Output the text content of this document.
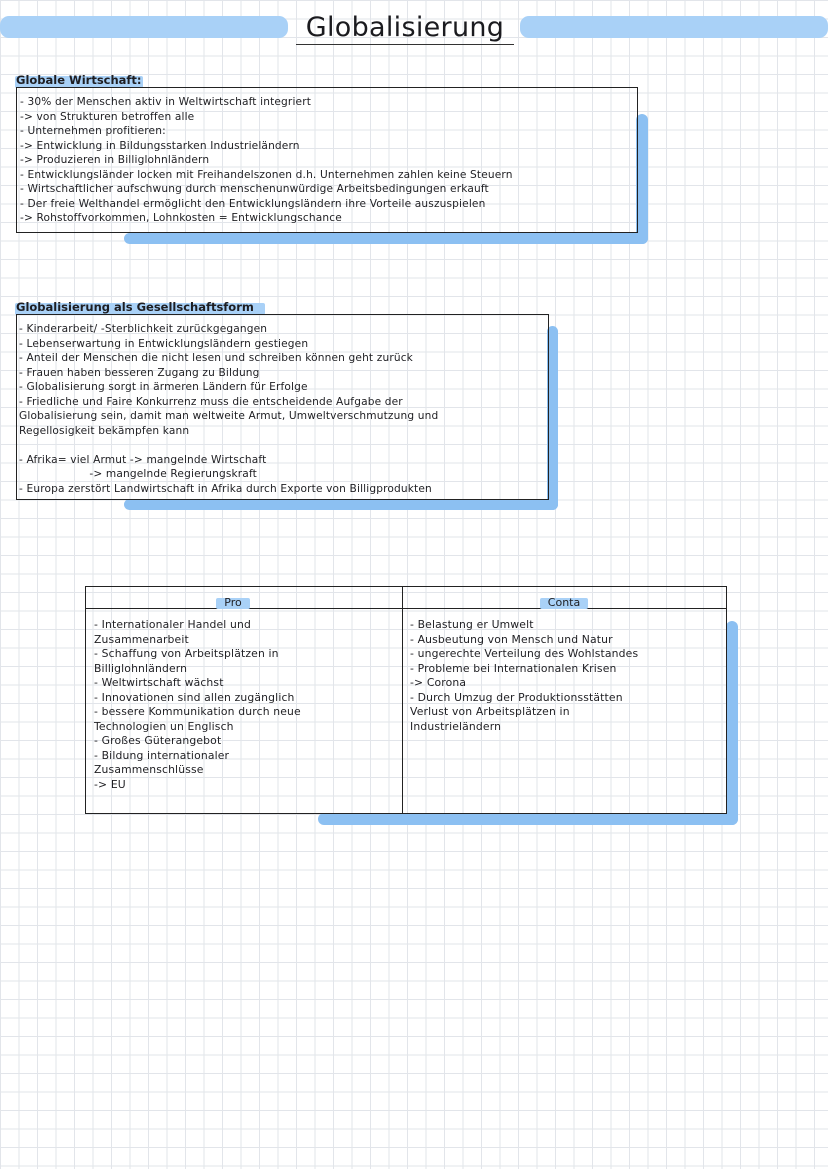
Globalisierung
Globale Wirtschaft:
- 30% der Menschen aktiv in Weltwirtschaft integriert
-> von Strukturen betroffen alle
- Unternehmen profitieren:
-> Entwicklung in Bildungsstarken Industrieländern
-> Produzieren in Billiglohnländern
- Entwicklungsländer locken mit Freihandelszonen d.h. Unternehmen zahlen keine Steuern
- Wirtschaftlicher aufschwung durch menschenunwürdige Arbeitsbedingungen erkauft
- Der freie Welthandel ermöglicht den Entwicklungsländern ihre Vorteile auszuspielen
-> Rohstoffvorkommen, Lohnkosten = Entwicklungschance
Globalisierung als Gesellschaftsform
- Kinderarbeit/ -Sterblichkeit zurückgegangen
- Lebenserwartung in Entwicklungsländern gestiegen
- Anteil der Menschen die nicht lesen und schreiben können geht zurück
- Frauen haben besseren Zugang zu Bildung
- Globalisierung sorgt in ärmeren Ländern für Erfolge
- Friedliche und Faire Konkurrenz muss die entscheidende Aufgabe der
Globalisierung sein, damit man weltweite Armut, Umweltverschmutzung und
Regellosigkeit bekämpfen kann
- Afrika= viel Armut -> mangelnde Wirtschaft
-> mangelnde Regierungskraft
- Europa zerstört Landwirtschaft in Afrika durch Exporte von Billigprodukten
Pro	Conta
- Internationaler Handel und
Zusammenarbeit
- Schaffung von Arbeitsplätzen in
Billiglohnländern
- Weltwirtschaft wächst
- Innovationen sind allen zugänglich
- bessere Kommunikation durch neue
Technologien un Englisch
- Großes Güterangebot
- Bildung internationaler
Zusammenschlüsse
-> EU
- Belastung er Umwelt
- Ausbeutung von Mensch und Natur
- ungerechte Verteilung des Wohlstandes
- Probleme bei Internationalen Krisen
-> Corona
- Durch Umzug der Produktionsstätten
Verlust von Arbeitsplätzen in
Industrieländern
